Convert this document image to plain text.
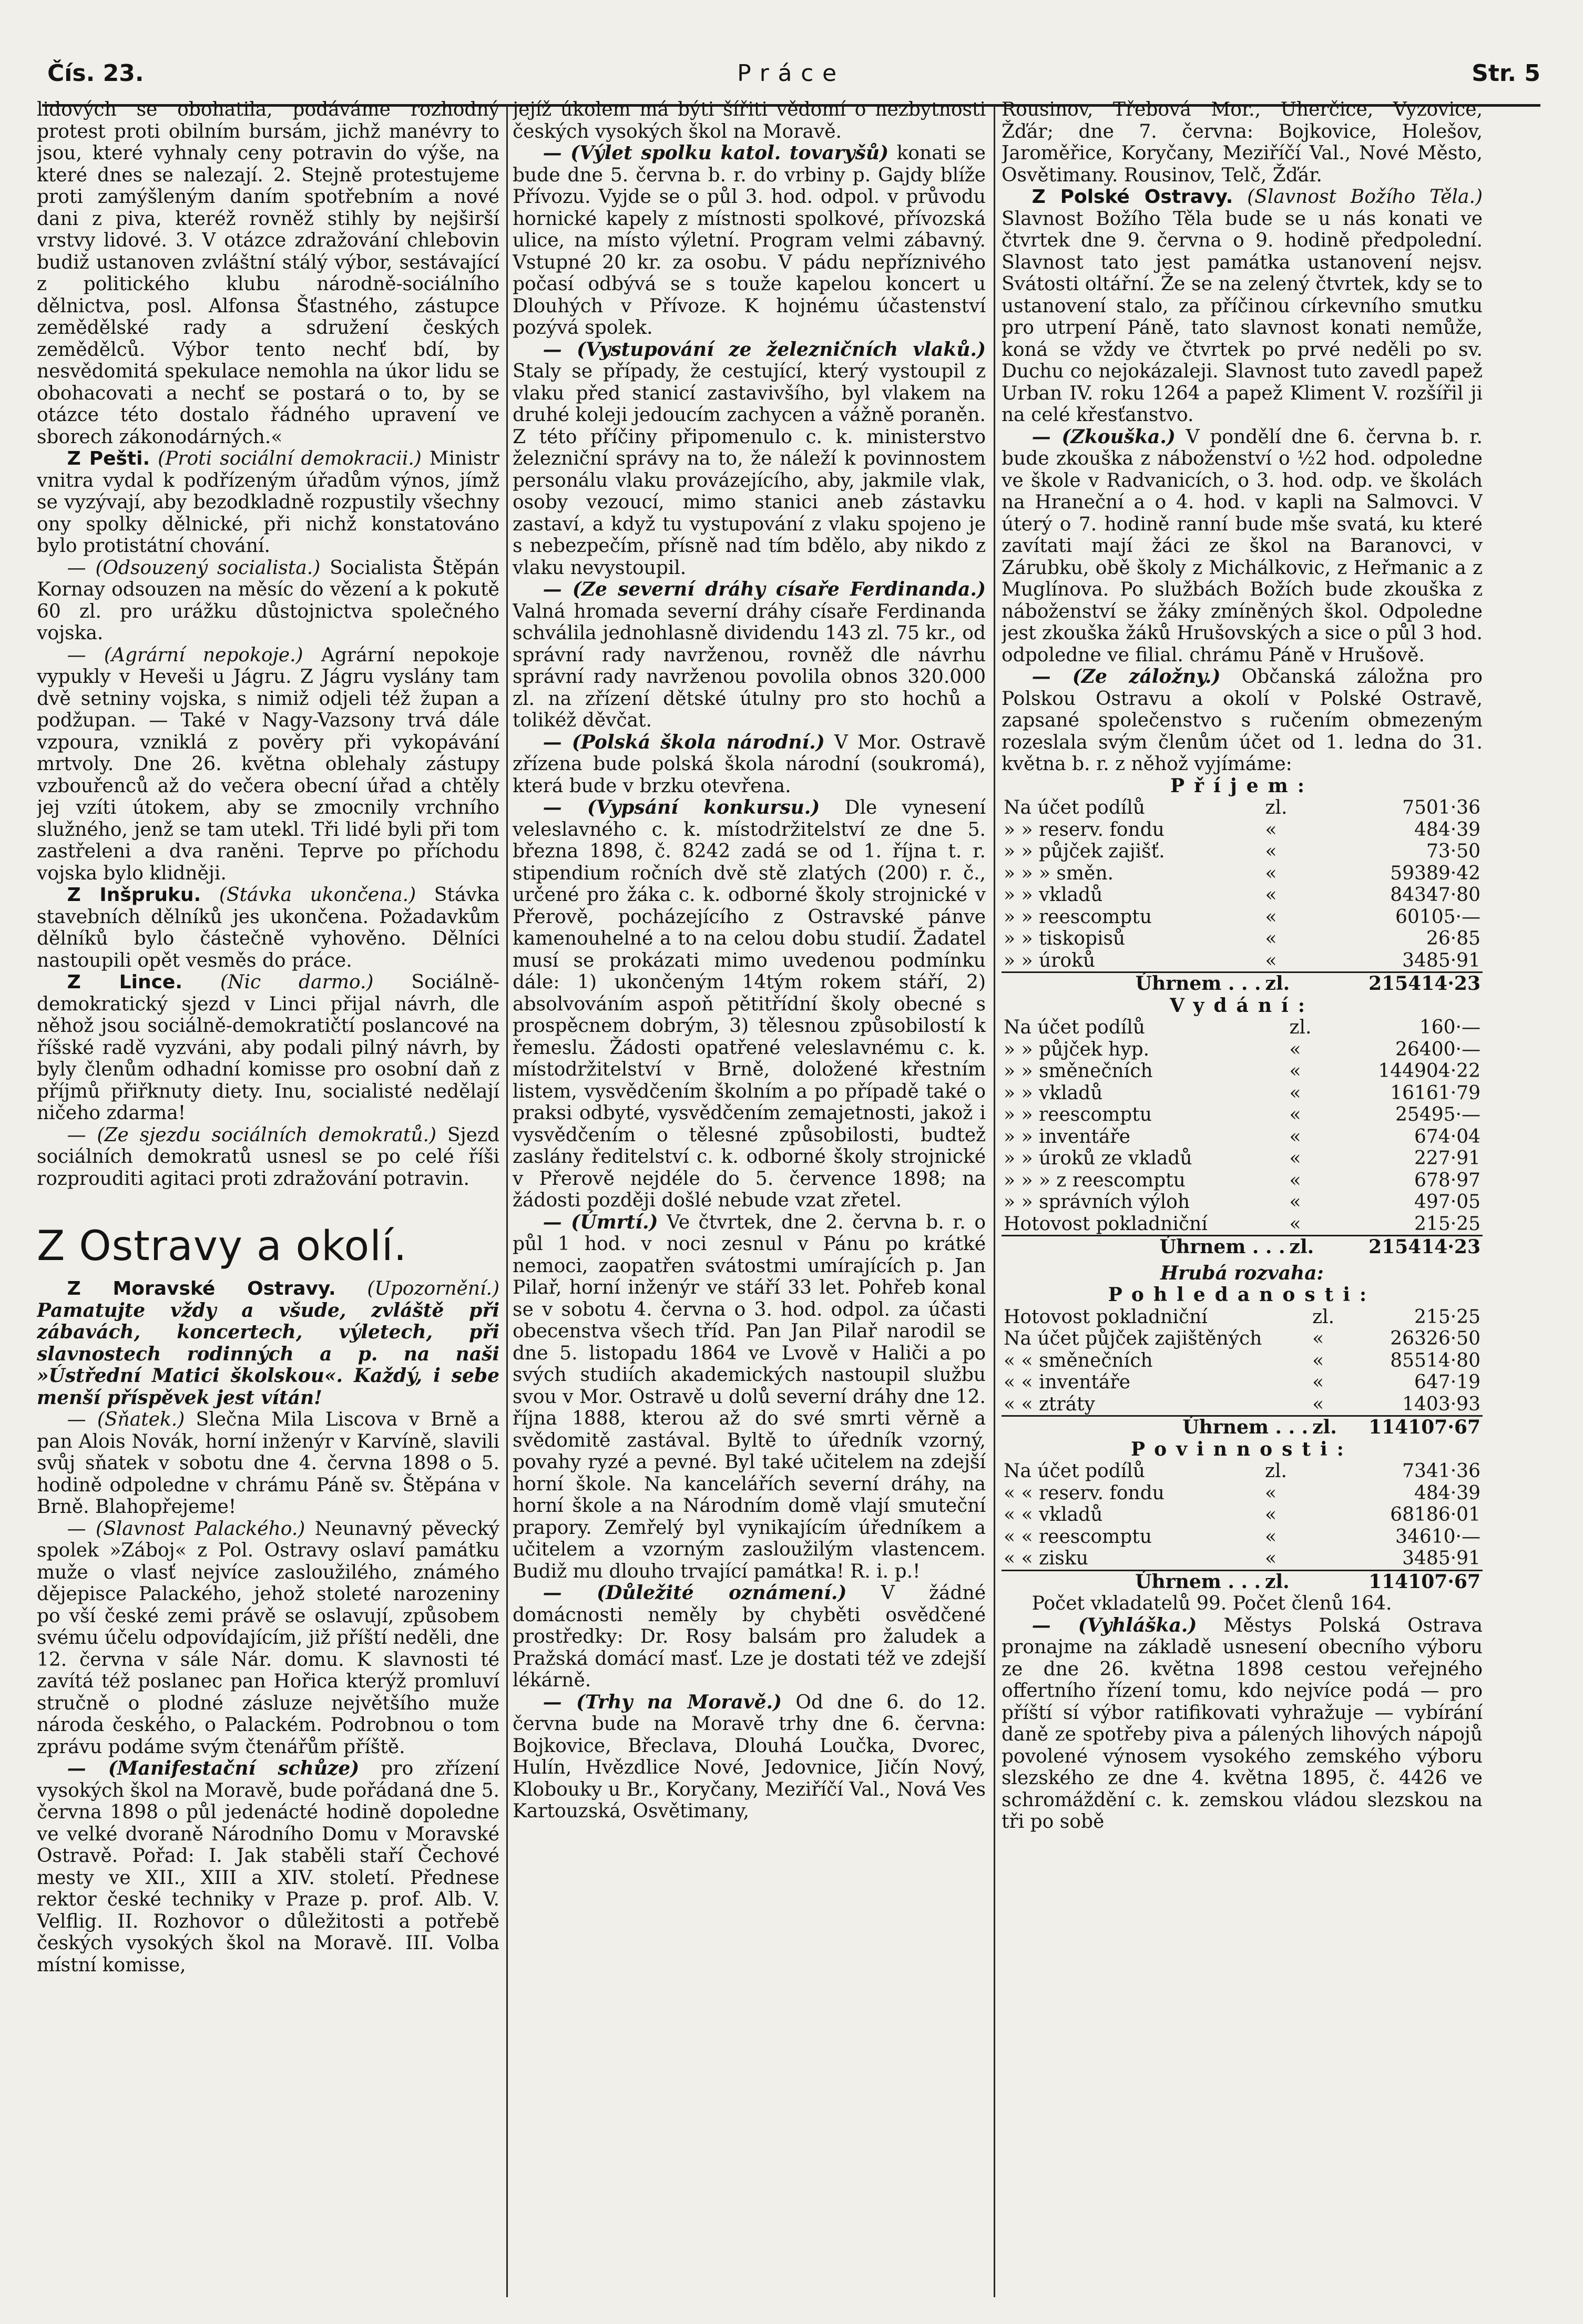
Čís. 23.	Práce	Str. 5

lidových se obohatila, podáváme rozhodný protest proti obilním bursám, jichž manévry to jsou, které vyhnaly ceny potravin do výše, na které dnes se nalezají. 2. Stejně protestujeme proti zamýšleným daním spotřebním a nové dani z piva, kteréž rovněž stihly by nejširší vrstvy lidové. 3. V otázce zdražování chlebovin budiž ustanoven zvláštní stálý výbor, sestávající z politického klubu národně-sociálního dělnictva, posl. Alfonsa Šťastného, zástupce zemědělské rady a sdružení českých zemědělců. Výbor tento nechť bdí, by nesvědomitá spekulace nemohla na úkor lidu se obohacovati a nechť se postará o to, by se otázce této dostalo řádného upravení ve sborech zákonodárných.«

Z Pešti. (Proti sociální demokracii.) Ministr vnitra vydal k podřízeným úřadům výnos, jímž se vyzývají, aby bezodkladně rozpustily všechny ony spolky dělnické, při nichž konstatováno bylo protistátní chování.

— (Odsouzený socialista.) Socialista Štěpán Kornay odsouzen na měsíc do vězení a k pokutě 60 zl. pro urážku důstojnictva společného vojska.

— (Agrární nepokoje.) Agrární nepokoje vypukly v Heveši u Jágru. Z Jágru vyslány tam dvě setniny vojska, s nimiž odjeli též župan a podžupan. — Také v Nagy-Vazsony trvá dále vzpoura, vzniklá z pověry při vykopávání mrtvoly. Dne 26. května oblehaly zástupy vzbouřenců až do večera obecní úřad a chtěly jej vzíti útokem, aby se zmocnily vrchního služného, jenž se tam utekl. Tři lidé byli při tom zastřeleni a dva raněni. Teprve po příchodu vojska bylo klidněji.

Z Inšpruku. (Stávka ukončena.) Stávka stavebních dělníků jes ukončena. Požadavkům dělníků bylo částečně vyhověno. Dělníci nastoupili opět vesměs do práce.

Z Lince. (Nic darmo.) Sociálně-demokratický sjezd v Linci přijal návrh, dle něhož jsou sociálně-demokratičtí poslancové na říšské radě vyzváni, aby podali pilný návrh, by byly členům odhadní komisse pro osobní daň z příjmů přiřknuty diety. Inu, socialisté nedělají ničeho zdarma!

— (Ze sjezdu sociálních demokratů.) Sjezd sociálních demokratů usnesl se po celé říši rozprouditi agitaci proti zdražování potravin.

Z Ostravy a okolí.

Z Moravské Ostravy. (Upozornění.) Pamatujte vždy a všude, zvláště při zábavách, koncertech, výletech, při slavnostech rodinných a p. na naši »Ústřední Matici školskou«. Každý, i sebe menší příspěvek jest vítán!

— (Sňatek.) Slečna Mila Liscova v Brně a pan Alois Novák, horní inženýr v Karvíně, slavili svůj sňatek v sobotu dne 4. června 1898 o 5. hodině odpoledne v chrámu Páně sv. Štěpána v Brně. Blahopřejeme!

— (Slavnost Palackého.) Neunavný pěvecký spolek »Záboj« z Pol. Ostravy oslaví památku muže o vlasť nejvíce zasloužilého, známého dějepisce Palackého, jehož stoleté narozeniny po vší české zemi právě se oslavují, způsobem svému účelu odpovídajícím, již příští neděli, dne 12. června v sále Nár. domu. K slavnosti té zavítá též poslanec pan Hořica kterýž promluví stručně o plodné zásluze největšího muže národa českého, o Palackém. Podrobnou o tom zprávu podáme svým čtenářům příště.

— (Manifestační schůze) pro zřízení vysokých škol na Moravě, bude pořádaná dne 5. června 1898 o půl jedenácté hodině dopoledne ve velké dvoraně Národního Domu v Moravské Ostravě. Pořad: I. Jak staběli staří Čechové mesty ve XII., XIII a XIV. století. Přednese rektor české techniky v Praze p. prof. Alb. V. Velflig. II. Rozhovor o důležitosti a potřebě českých vysokých škol na Moravě. III. Volba místní komisse,

jejíž úkolem má býti šířiti vědomí o nezbytnosti českých vysokých škol na Moravě.

— (Výlet spolku katol. tovaryšů) konati se bude dne 5. června b. r. do vrbiny p. Gajdy blíže Přívozu. Vyjde se o půl 3. hod. odpol. v průvodu hornické kapely z místnosti spolkové, přívozská ulice, na místo výletní. Program velmi zábavný. Vstupné 20 kr. za osobu. V pádu nepříznivého počasí odbývá se s touže kapelou koncert u Dlouhých v Přívoze. K hojnému účastenství pozývá spolek.

— (Vystupování ze železničních vlaků.) Staly se případy, že cestující, který vystoupil z vlaku před stanicí zastavivšího, byl vlakem na druhé koleji jedoucím zachycen a vážně poraněn. Z této příčiny připomenulo c. k. ministerstvo železniční správy na to, že náleží k povinnostem personálu vlaku provázejícího, aby, jakmile vlak, osoby vezoucí, mimo stanici aneb zástavku zastaví, a když tu vystupování z vlaku spojeno je s nebezpečím, přísně nad tím bdělo, aby nikdo z vlaku nevystoupil.

— (Ze severní dráhy císaře Ferdinanda.) Valná hromada severní dráhy císaře Ferdinanda schválila jednohlasně dividendu 143 zl. 75 kr., od správní rady navrženou, rovněž dle návrhu správní rady navrženou povolila obnos 320.000 zl. na zřízení dětské útulny pro sto hochů a tolikéž děvčat.

— (Polská škola národní.) V Mor. Ostravě zřízena bude polská škola národní (soukromá), která bude v brzku otevřena.

— (Vypsání konkursu.) Dle vynesení veleslavného c. k. místodržitelství ze dne 5. března 1898, č. 8242 zadá se od 1. října t. r. stipendium ročních dvě stě zlatých (200) r. č., určené pro žáka c. k. odborné školy strojnické v Přerově, pocházejícího z Ostravské pánve kamenouhelné a to na celou dobu studií. Žadatel musí se prokázati mimo uvedenou podmínku dále: 1) ukončeným 14tým rokem stáří, 2) absolvováním aspoň pětitřídní školy obecné s prospěcnem dobrým, 3) tělesnou způsobilostí k řemeslu. Žádosti opatřené veleslavnému c. k. místodržitelství v Brně, doložené křestním listem, vysvědčením školním a po případě také o praksi odbyté, vysvědčením zemajetnosti, jakož i vysvědčením o tělesné způsobilosti, budtež zaslány ředitelství c. k. odborné školy strojnické v Přerově nejdéle do 5. července 1898; na žádosti později došlé nebude vzat zřetel.

— (Úmrtí.) Ve čtvrtek, dne 2. června b. r. o půl 1 hod. v noci zesnul v Pánu po krátké nemoci, zaopatřen svátostmi umírajících p. Jan Pilař, horní inženýr ve stáří 33 let. Pohřeb konal se v sobotu 4. června o 3. hod. odpol. za účasti obecenstva všech tříd. Pan Jan Pilař narodil se dne 5. listopadu 1864 ve Lvově v Haliči a po svých studiích akademických nastoupil službu svou v Mor. Ostravě u dolů severní dráhy dne 12. října 1888, kterou až do své smrti věrně a svědomitě zastával. Byltě to úředník vzorný, povahy ryzé a pevné. Byl také učitelem na zdejší horní škole. Na kancelářích severní dráhy, na horní škole a na Národním domě vlají smuteční prapory. Zemřelý byl vynikajícím úředníkem a učitelem a vzorným zasloužilým vlastencem. Budiž mu dlouho trvající památka! R. i. p.!

— (Důležité oznámení.) V žádné domácnosti neměly by chyběti osvědčené prostředky: Dr. Rosy balsám pro žaludek a Pražská domácí masť. Lze je dostati též ve zdejší lékárně.

— (Trhy na Moravě.) Od dne 6. do 12. června bude na Moravě trhy dne 6. června: Bojkovice, Břeclava, Dlouhá Loučka, Dvorec, Hulín, Hvězdlice Nové, Jedovnice, Jičín Nový, Klobouky u Br., Koryčany, Meziříčí Val., Nová Ves Kartouzská, Osvětimany,

Rousinov, Třebová Mor., Uherčice, Vyzovice, Žďár; dne 7. června: Bojkovice, Holešov, Jaroměřice, Koryčany, Meziříčí Val., Nové Město, Osvětimany. Rousinov, Telč, Žďár.

Z Polské Ostravy. (Slavnost Božího Těla.) Slavnost Božího Těla bude se u nás konati ve čtvrtek dne 9. června o 9. hodině předpolední. Slavnost tato jest památka ustanovení nejsv. Svátosti oltářní. Že se na zelený čtvrtek, kdy se to ustanovení stalo, za příčinou církevního smutku pro utrpení Páně, tato slavnost konati nemůže, koná se vždy ve čtvrtek po prvé neděli po sv. Duchu co nejokázaleji. Slavnost tuto zavedl papež Urban IV. roku 1264 a papež Kliment V. rozšířil ji na celé křesťanstvo.

— (Zkouška.) V pondělí dne 6. června b. r. bude zkouška z náboženství o ½2 hod. odpoledne ve škole v Radvanicích, o 3. hod. odp. ve školách na Hraneční a o 4. hod. v kapli na Salmovci. V úterý o 7. hodině ranní bude mše svatá, ku které zavítati mají žáci ze škol na Baranovci, v Zárubku, obě školy z Michálkovic, z Heřmanic a z Muglínova. Po službách Božích bude zkouška z náboženství se žáky zmíněných škol. Odpoledne jest zkouška žáků Hrušovských a sice o půl 3 hod. odpoledne ve filial. chrámu Páně v Hrušově.

— (Ze záložny.) Občanská záložna pro Polskou Ostravu a okolí v Polské Ostravě, zapsané společenstvo s ručením obmezeným rozeslala svým členům účet od 1. ledna do 31. května b. r. z něhož vyjímáme:

Příjem:
Na účet podílů	zl.	7501·36
» » reserv. fondu	«	484·39
» » půjček zajišť.	«	73·50
» » » směn.	«	59389·42
» » vkladů	«	84347·80
» » reescomptu	«	60105·—
» » tiskopisů	«	26·85
» » úroků	«	3485·91
Úhrnem . . .	zl.	215414·23
Vydání:
Na účet podílů	zl.	160·—
» » půjček hyp.	«	26400·—
» » směnečních	«	144904·22
» » vkladů	«	16161·79
» » reescomptu	«	25495·—
» » inventáře	«	674·04
» » úroků ze vkladů	«	227·91
» » » z reescomptu	«	678·97
» » správních výloh	«	497·05
Hotovost pokladniční	«	215·25
Úhrnem . . .	zl.	215414·23
Hrubá rozvaha:
Pohledanosti:
Hotovost pokladniční	zl.	215·25
Na účet půjček zajištěných	«	26326·50
« « směnečních	«	85514·80
« « inventáře	«	647·19
« « ztráty	«	1403·93
Úhrnem . . .	zl.	114107·67
Povinnosti:
Na účet podílů	zl.	7341·36
« « reserv. fondu	«	484·39
« « vkladů	«	68186·01
« « reescomptu	«	34610·—
« « zisku	«	3485·91
Úhrnem . . .	zl.	114107·67

Počet vkladatelů 99. Počet členů 164.

— (Vyhláška.) Městys Polská Ostrava pronajme na základě usnesení obecního výboru ze dne 26. května 1898 cestou veřejného offertního řízení tomu, kdo nejvíce podá — pro příští sí výbor ratifikovati vyhražuje — vybírání daně ze spotřeby piva a pálených lihových nápojů povolené výnosem vysokého zemského výboru slezského ze dne 4. května 1895, č. 4426 ve schromáždění c. k. zemskou vládou slezskou na tři po sobě
